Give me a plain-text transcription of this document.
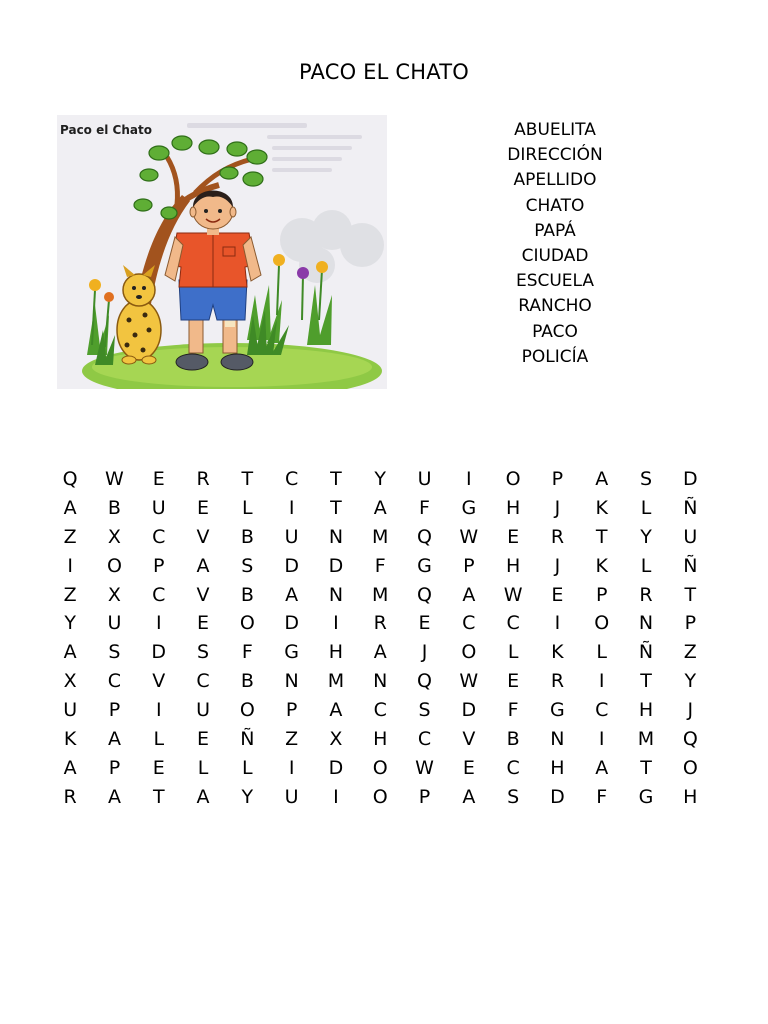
PACO EL CHATO
Paco el Chato	ABUELITA
DIRECCIÓN
APELLIDO
CHATO
PAPÁ
CIUDAD
ESCUELA
RANCHO
PACO
POLICÍA
Q	W	E	R	T	C	T	Y	U	I	O	P	A	S	D
A	B	U	E	L	I	T	A	F	G	H	J	K	L	Ñ
Z	X	C	V	B	U	N	M	Q	W	E	R	T	Y	U
I	O	P	A	S	D	D	F	G	P	H	J	K	L	Ñ
Z	X	C	V	B	A	N	M	Q	A	W	E	P	R	T
Y	U	I	E	O	D	I	R	E	C	C	I	O	N	P
A	S	D	S	F	G	H	A	J	O	L	K	L	Ñ	Z
X	C	V	C	B	N	M	N	Q	W	E	R	I	T	Y
U	P	I	U	O	P	A	C	S	D	F	G	C	H	J
K	A	L	E	Ñ	Z	X	H	C	V	B	N	I	M	Q
A	P	E	L	L	I	D	O	W	E	C	H	A	T	O
R	A	T	A	Y	U	I	O	P	A	S	D	F	G	H
